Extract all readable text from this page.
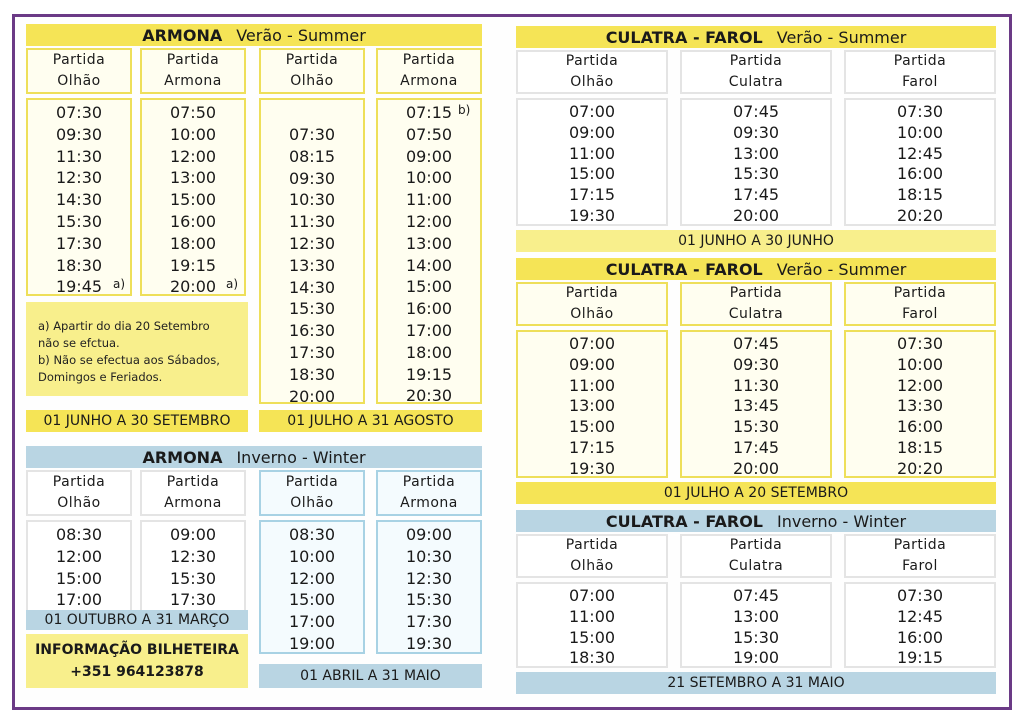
ARMONA Verão - Summer
Partida
Olhão
07:30
09:30
11:30
12:30
14:30
15:30
17:30
18:30
19:45 a)
Partida
Armona
07:50
10:00
12:00
13:00
15:00
16:00
18:00
19:15
20:00 a)
Partida
Olhão
07:30
08:15
09:30
10:30
11:30
12:30
13:30
14:30
15:30
16:30
17:30
18:30
20:00
Partida
Armona
07:15
07:50
09:00
10:00
11:00
12:00
13:00
14:00
15:00
16:00
17:00
18:00
19:15
20:30
b)
a) Apartir do dia 20 Setembro
não se efctua.
b) Não se efectua aos Sábados,
Domingos e Feriados.
01 JUNHO A 30 SETEMBRO	01 JULHO A 31 AGOSTO
ARMONA Inverno - Winter
Partida
Olhão
08:30
12:00
15:00
17:00
Partida
Armona
09:00
12:30
15:30
17:30
Partida
Olhão
08:30
10:00
12:00
15:00
17:00
19:00
Partida
Armona
09:00
10:30
12:30
15:30
17:30
19:30
01 OUTUBRO A 31 MARÇO
01 ABRIL A 31 MAIO
INFORMAÇÃO BILHETEIRA
+351 964123878
CULATRA - FAROL Verão - Summer
Partida
Olhão
07:00
09:00
11:00
15:00
17:15
19:30
Partida
Culatra
07:45
09:30
13:00
15:30
17:45
20:00
Partida
Farol
07:30
10:00
12:45
16:00
18:15
20:20
01 JUNHO A 30 JUNHO
CULATRA - FAROL Verão - Summer
Partida
Olhão
07:00
09:00
11:00
13:00
15:00
17:15
19:30
Partida
Culatra
07:45
09:30
11:30
13:45
15:30
17:45
20:00
Partida
Farol
07:30
10:00
12:00
13:30
16:00
18:15
20:20
01 JULHO A 20 SETEMBRO
CULATRA - FAROL Inverno - Winter
Partida
Olhão
07:00
11:00
15:00
18:30
Partida
Culatra
07:45
13:00
15:30
19:00
Partida
Farol
07:30
12:45
16:00
19:15
21 SETEMBRO A 31 MAIO
